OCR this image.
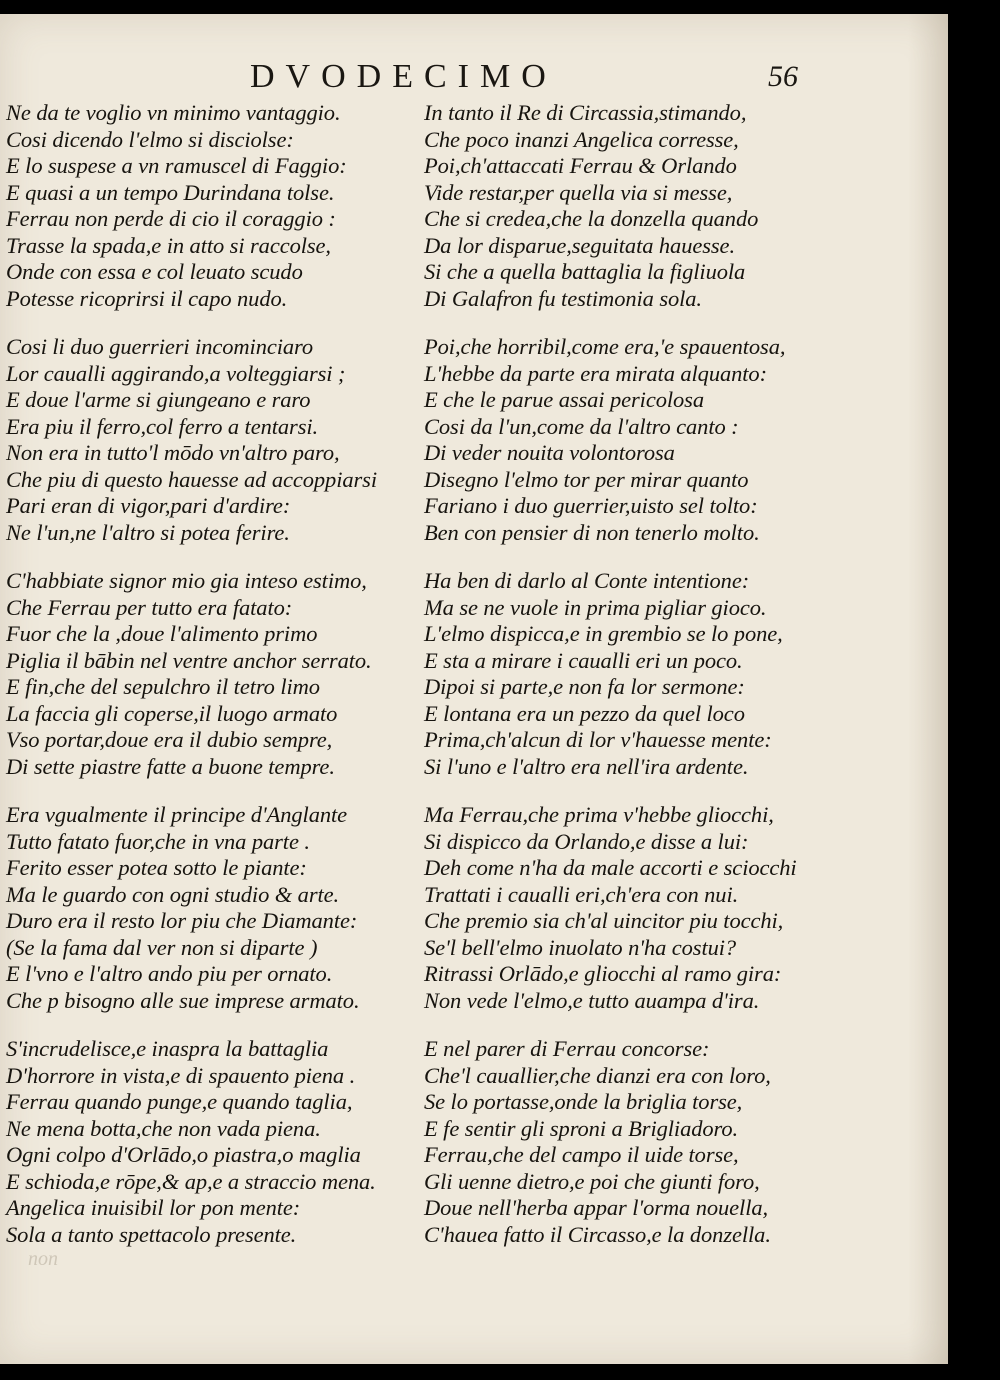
DVODECIMO	56
Ne da te voglio vn minimo vantaggio.
Cosi dicendo l'elmo si disciolse:
E lo suspese a vn ramuscel di Faggio:
E quasi a un tempo Durindana tolse.
Ferrau non perde di cio il coraggio :
Trasse la spada,e in atto si raccolse,
Onde con essa e col leuato scudo
Potesse ricoprirsi il capo nudo.
Cosi li duo guerrieri incominciaro
Lor caualli aggirando,a volteggiarsi ;
E doue l'arme si giungeano e raro
Era piu il ferro,col ferro a tentarsi.
Non era in tutto'l mōdo vn'altro paro,
Che piu di questo hauesse ad accoppiarsi
Pari eran di vigor,pari d'ardire:
Ne l'un,ne l'altro si potea ferire.
C'habbiate signor mio gia inteso estimo,
Che Ferrau per tutto era fatato:
Fuor che la ,doue l'alimento primo
Piglia il bābin nel ventre anchor serrato.
E fin,che del sepulchro il tetro limo
La faccia gli coperse,il luogo armato
Vso portar,doue era il dubio sempre,
Di sette piastre fatte a buone tempre.
Era vgualmente il principe d'Anglante
Tutto fatato fuor,che in vna parte .
Ferito esser potea sotto le piante:
Ma le guardo con ogni studio & arte.
Duro era il resto lor piu che Diamante:
(Se la fama dal ver non si diparte )
E l'vno e l'altro ando piu per ornato.
Che p bisogno alle sue imprese armato.
S'incrudelisce,e inaspra la battaglia
D'horrore in vista,e di spauento piena .
Ferrau quando punge,e quando taglia,
Ne mena botta,che non vada piena.
Ogni colpo d'Orlādo,o piastra,o maglia
E schioda,e rōpe,& ap,e a straccio mena.
Angelica inuisibil lor pon mente:
Sola a tanto spettacolo presente.
In tanto il Re di Circassia,stimando,
Che poco inanzi Angelica corresse,
Poi,ch'attaccati Ferrau & Orlando
Vide restar,per quella via si messe,
Che si credea,che la donzella quando
Da lor disparue,seguitata hauesse.
Si che a quella battaglia la figliuola
Di Galafron fu testimonia sola.
Poi,che horribil,come era,'e spauentosa,
L'hebbe da parte era mirata alquanto:
E che le parue assai pericolosa
Cosi da l'un,come da l'altro canto :
Di veder nouita volontorosa
Disegno l'elmo tor per mirar quanto
Fariano i duo guerrier,uisto sel tolto:
Ben con pensier di non tenerlo molto.
Ha ben di darlo al Conte intentione:
Ma se ne vuole in prima pigliar gioco.
L'elmo dispicca,e in grembio se lo pone,
E sta a mirare i caualli eri un poco.
Dipoi si parte,e non fa lor sermone:
E lontana era un pezzo da quel loco
Prima,ch'alcun di lor v'hauesse mente:
Si l'uno e l'altro era nell'ira ardente.
Ma Ferrau,che prima v'hebbe gliocchi,
Si dispicco da Orlando,e disse a lui:
Deh come n'ha da male accorti e sciocchi
Trattati i caualli eri,ch'era con nui.
Che premio sia ch'al uincitor piu tocchi,
Se'l bell'elmo inuolato n'ha costui?
Ritrassi Orlādo,e gliocchi al ramo gira:
Non vede l'elmo,e tutto auampa d'ira.
E nel parer di Ferrau concorse:
Che'l cauallier,che dianzi era con loro,
Se lo portasse,onde la briglia torse,
E fe sentir gli sproni a Brigliadoro.
Ferrau,che del campo il uide torse,
Gli uenne dietro,e poi che giunti foro,
Doue nell'herba appar l'orma nouella,
C'hauea fatto il Circasso,e la donzella.
non
